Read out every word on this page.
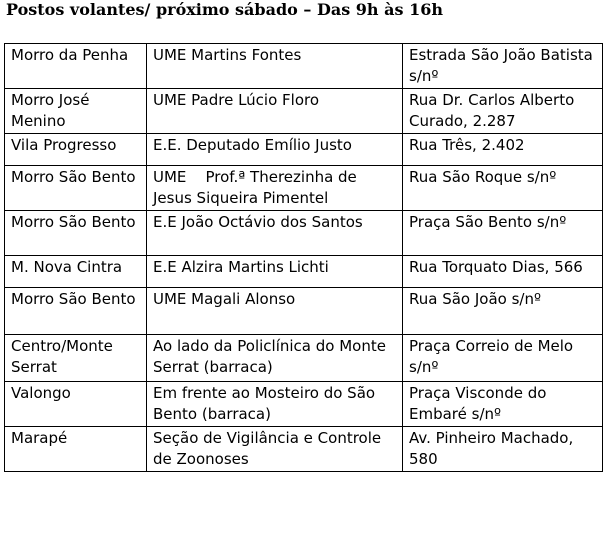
Postos volantes/ próximo sábado – Das 9h às 16h
Morro da Penha	UME Martins Fontes	Estrada São João Batista s/nº
Morro José Menino	UME Padre Lúcio Floro	Rua Dr. Carlos Alberto Curado, 2.287
Vila Progresso	E.E. Deputado Emílio Justo	Rua Três, 2.402
Morro São Bento	UME    Prof.ª Therezinha de Jesus Siqueira Pimentel	Rua São Roque s/nº
Morro São Bento	E.E João Octávio dos Santos	Praça São Bento s/nº
M. Nova Cintra	E.E Alzira Martins Lichti	Rua Torquato Dias, 566
Morro São Bento	UME Magali Alonso	Rua São João s/nº
Centro/Monte Serrat	Ao lado da Policlínica do Monte Serrat (barraca)	Praça Correio de Melo s/nº
Valongo	Em frente ao Mosteiro do São Bento (barraca)	Praça Visconde do Embaré s/nº
Marapé	Seção de Vigilância e Controle de Zoonoses	Av. Pinheiro Machado, 580
